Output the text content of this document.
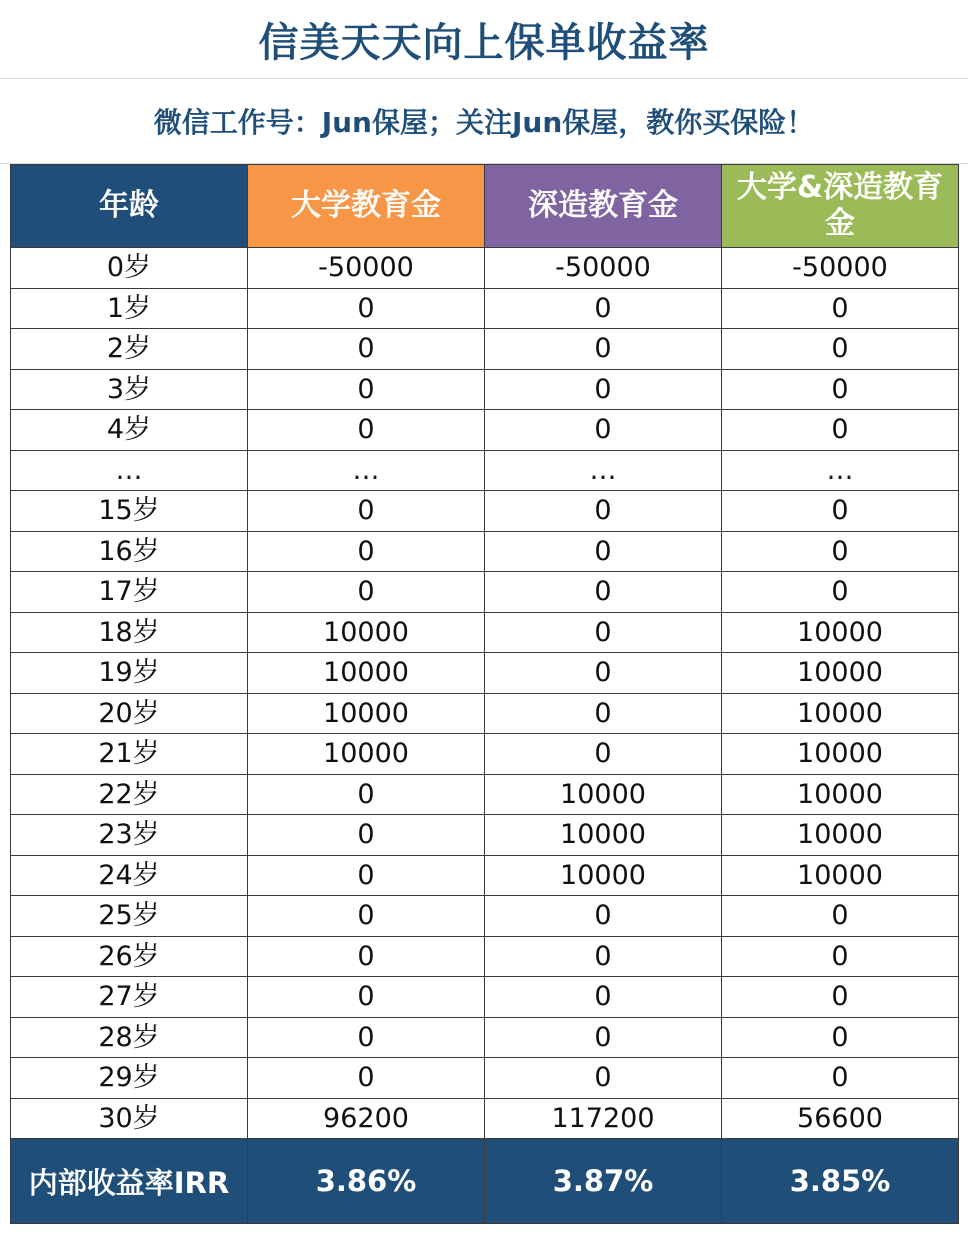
信美天天向上保单收益率
微信工作号：Jun保屋；关注Jun保屋，教你买保险！
年龄	大学教育金	深造教育金	大学&深造教育金
0岁	-50000	-50000	-50000
1岁	0	0	0
2岁	0	0	0
3岁	0	0	0
4岁	0	0	0
…	…	…	…
15岁	0	0	0
16岁	0	0	0
17岁	0	0	0
18岁	10000	0	10000
19岁	10000	0	10000
20岁	10000	0	10000
21岁	10000	0	10000
22岁	0	10000	10000
23岁	0	10000	10000
24岁	0	10000	10000
25岁	0	0	0
26岁	0	0	0
27岁	0	0	0
28岁	0	0	0
29岁	0	0	0
30岁	96200	117200	56600
内部收益率IRR	3.86%	3.87%	3.85%
